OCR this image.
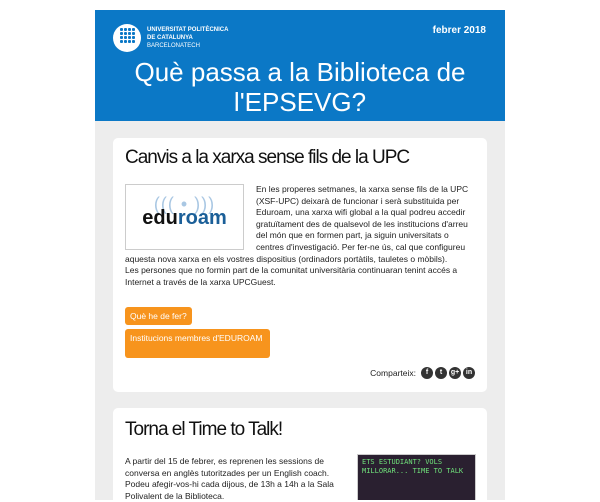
UNIVERSITAT POLITÈCNICA
DE CATALUNYA
BARCELONATECH
febrer 2018
Què passa a la Biblioteca de l'EPSEVG?
Canvis a la xarxa sense fils de la UPC
((( • )))
eduroam
En les properes setmanes, la xarxa sense fils de la UPC (XSF-UPC) deixarà de funcionar i serà substituida per Eduroam, una xarxa wifi global a la qual podreu accedir gratuïtament des de qualsevol de les institucions d'arreu del món que en formen part, ja siguin universitats o centres d'investigació. Per fer-ne ús, cal que configureu aquesta nova xarxa en els vostres dispositius (ordinadors portàtils, tauletes o mòbils).
Les persones que no formin part de la comunitat universitària continuaran tenint accés a Internet a través de la xarxa UPCGuest.
Què he de fer?
Institucions membres d'EDUROAM
Comparteix:	f	t	g+ in
Torna el Time to Talk!
A partir del 15 de febrer, es reprenen les sessions de conversa en anglès tutoritzades per un English coach. Podeu afegir-vos-hi cada dijous, de 13h a 14h a la Sala Polivalent de la Biblioteca.
ETS ESTUDIANT? VOLS MILLORAR... TIME TO TALK
